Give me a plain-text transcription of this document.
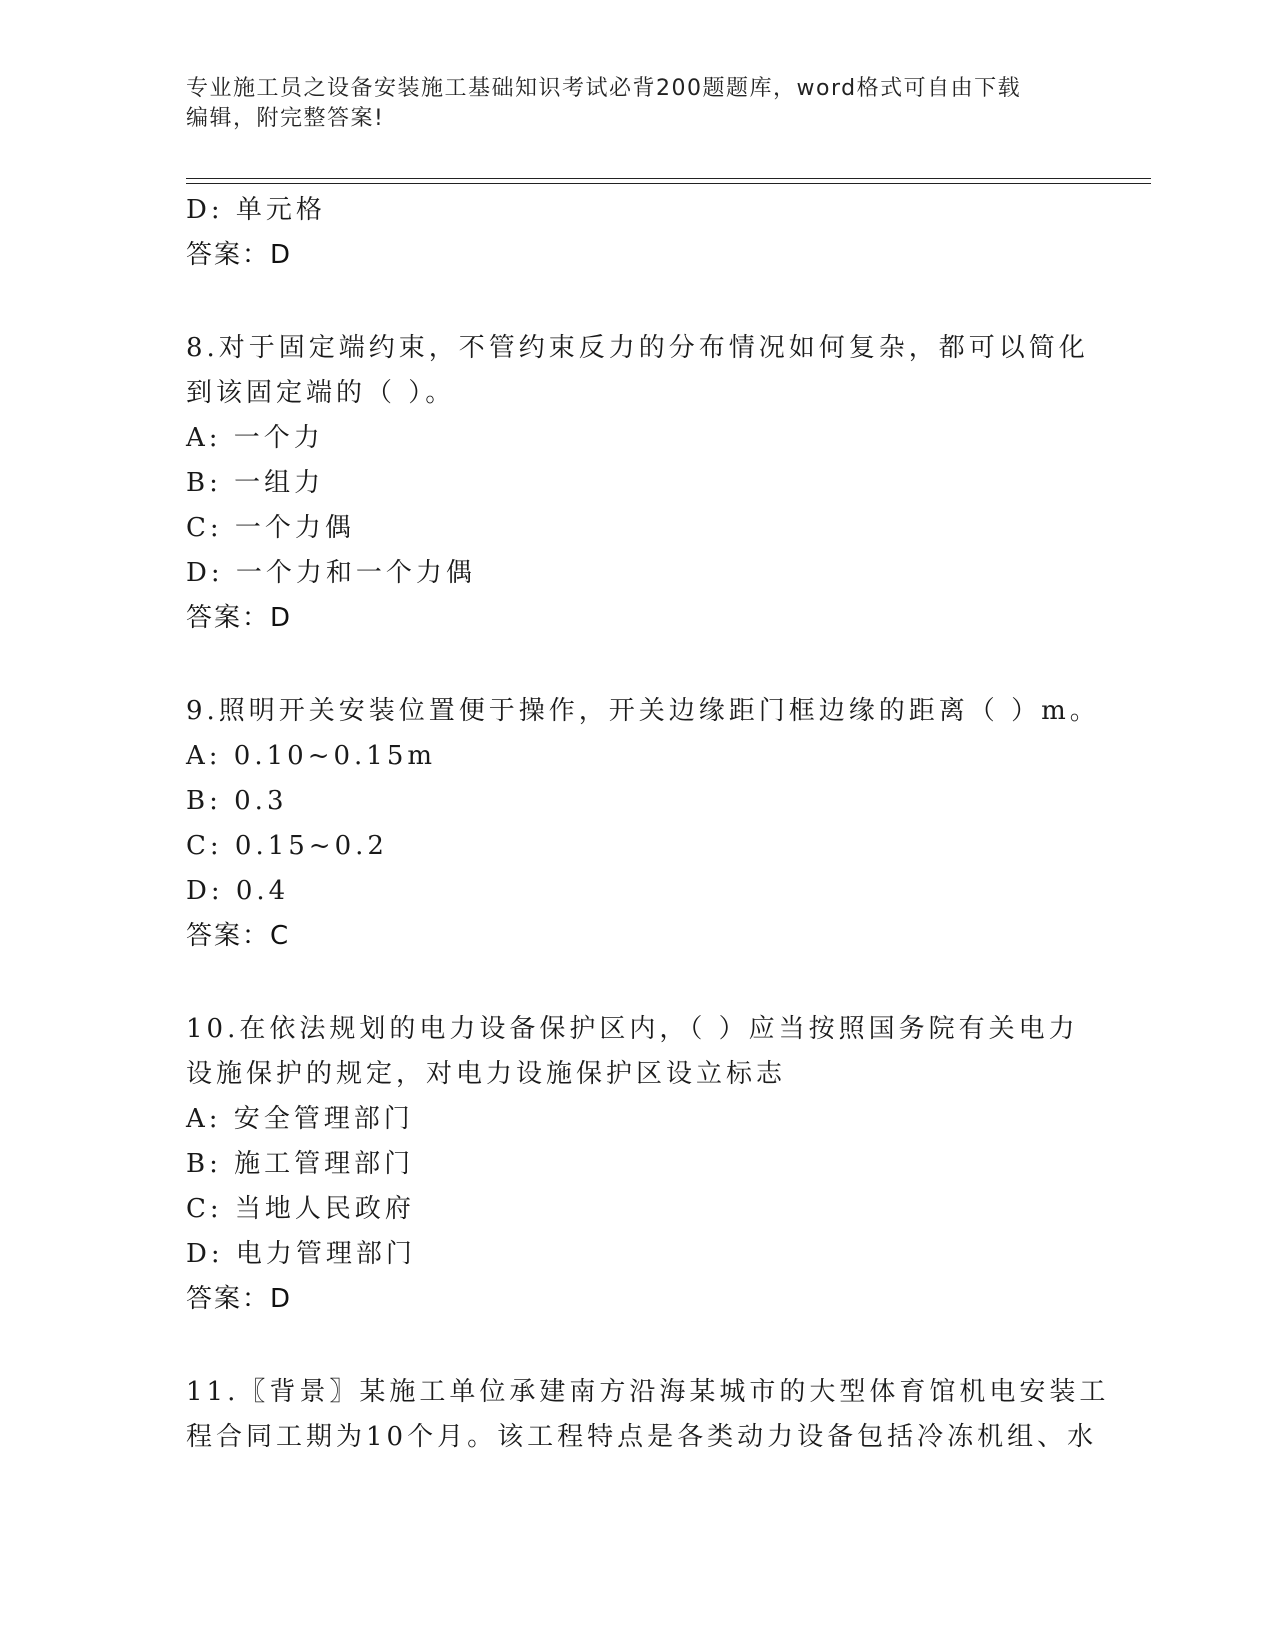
专业施工员之设备安装施工基础知识考试必背200题题库，word格式可自由下载
编辑，附完整答案!
D: 单元格
答案：D
8.对于固定端约束，不管约束反力的分布情况如何复杂，都可以简化
到该固定端的（ ）。
A: 一个力
B: 一组力
C: 一个力偶
D: 一个力和一个力偶
答案：D
9.照明开关安装位置便于操作，开关边缘距门框边缘的距离（ ）m。
A: 0.10~0.15m
B: 0.3
C: 0.15~0.2
D: 0.4
答案：C
10.在依法规划的电力设备保护区内，（ ）应当按照国务院有关电力
设施保护的规定，对电力设施保护区设立标志
A: 安全管理部门
B: 施工管理部门
C: 当地人民政府
D: 电力管理部门
答案：D
11.〖背景〗某施工单位承建南方沿海某城市的大型体育馆机电安装工
程合同工期为10个月。该工程特点是各类动力设备包括冷冻机组、水
